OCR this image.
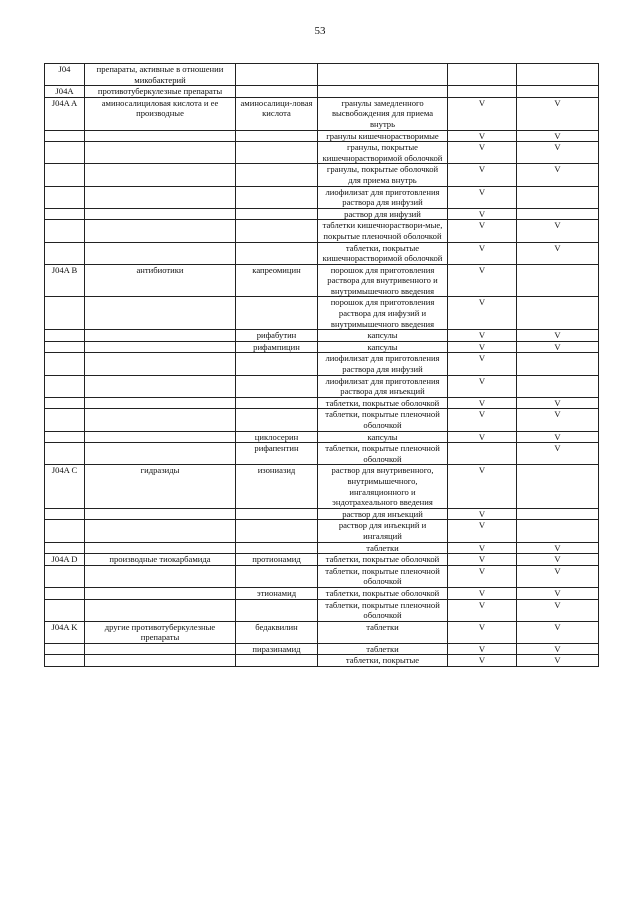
53
J04	препараты, активные в отношении микобактерий				
J04A	противотуберкулезные препараты				
J04A A	аминосалициловая кислота и ее производные	аминосалици-ловая кислота	гранулы замедленного высвобождения для приема внутрь	V	V
			гранулы кишечнорастворимые	V	V
			гранулы, покрытые кишечнорастворимой оболочкой	V	V
			гранулы, покрытые оболочкой для приема внутрь	V	V
			лиофилизат для приготовления раствора для инфузий	V	
			раствор для инфузий	V	
			таблетки кишечнораствори-мые, покрытые пленочной оболочкой	V	V
			таблетки, покрытые кишечнорастворимой оболочкой	V	V
J04A B	антибиотики	капреомицин	порошок для приготовления раствора для внутривенного и внутримышечного введения	V	
			порошок для приготовления раствора для инфузий и внутримышечного введения	V	
		рифабутин	капсулы	V	V
		рифампицин	капсулы	V	V
			лиофилизат для приготовления раствора для инфузий	V	
			лиофилизат для приготовления раствора для инъекций	V	
			таблетки, покрытые оболочкой	V	V
			таблетки, покрытые пленочной оболочкой	V	V
		циклосерин	капсулы	V	V
		рифапентин	таблетки, покрытые пленочной оболочкой		V
J04A C	гидразиды	изониазид	раствор для внутривенного, внутримышечного, ингаляционного и эндотрахеального введения	V	
			раствор для инъекций	V	
			раствор для инъекций и ингаляций	V	
			таблетки	V	V
J04A D	производные тиокарбамида	протионамид	таблетки, покрытые оболочкой	V	V
			таблетки, покрытые пленочной оболочкой	V	V
		этионамид	таблетки, покрытые оболочкой	V	V
			таблетки, покрытые пленочной оболочкой	V	V
J04A K	другие противотуберкулезные препараты	бедаквилин	таблетки	V	V
		пиразинамид	таблетки	V	V
			таблетки, покрытые	V	V
